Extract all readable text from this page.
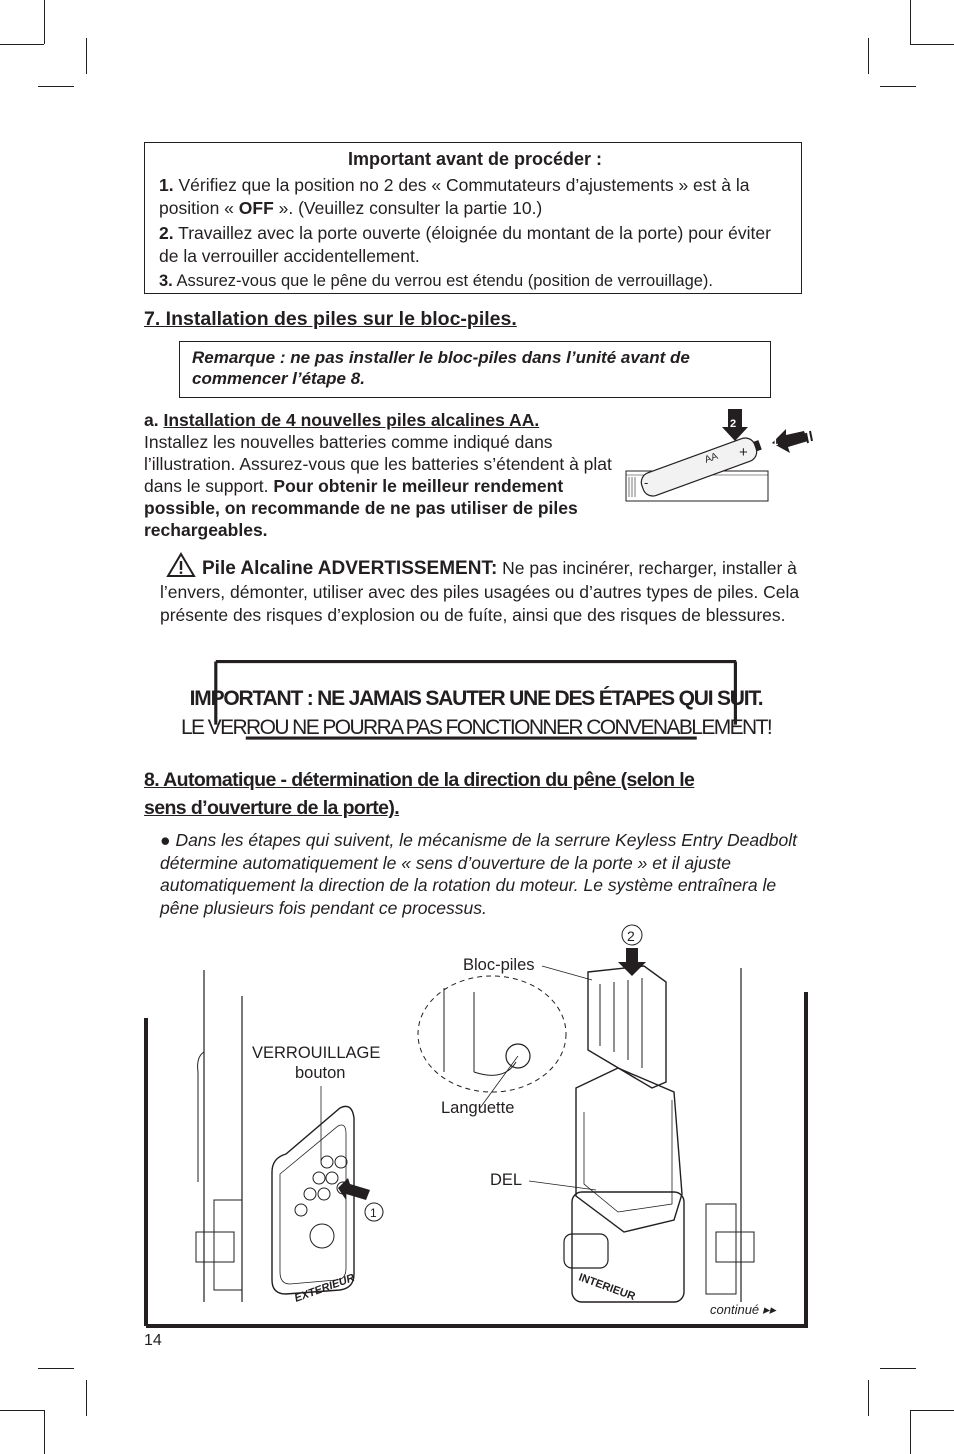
Important avant de procéder :

1. Vérifiez que la position no 2 des « Commutateurs d’ajustements » est à la position « OFF ». (Veuillez consulter la partie 10.)

2. Travaillez avec la porte ouverte (éloignée du montant de la porte) pour éviter de la verrouiller accidentellement.

3. Assurez-vous que le pêne du verrou est étendu (position de verrouillage).

7. Installation des piles sur le bloc-piles.
Remarque : ne pas installer le bloc-piles dans l’unité avant de commencer l’étape 8.
a. Installation de 4 nouvelles piles alcalines AA.
Installez les nouvelles batteries comme indiqué dans l’illustration. Assurez-vous que les batteries s’étendent à plat dans le support. Pour obtenir le meilleur rendement possible, on recommande de ne pas utiliser de piles rechargeables.
AA +
-
2
1
Pile Alcaline ADVERTISSEMENT: Ne pas incinérer, recharger, installer à l’envers, démonter, utiliser avec des piles usagées ou d’autres types de piles. Cela présente des risques d’explosion ou de fuíte, ainsi que des risques de blessures.
IMPORTANT : NE JAMAIS SAUTER UNE DES ÉTAPES QUI SUIT.
LE VERROU NE POURRA PAS FONCTIONNER CONVENABLEMENT!
8. Automatique - détermination de la direction du pêne (selon le
sens d’ouverture de la porte).
● Dans les étapes qui suivent, le mécanisme de la serrure Keyless Entry Deadbolt détermine automatiquement le « sens d’ouverture de la porte » et il ajuste automatiquement la direction de la rotation du moteur. Le système entraînera le pêne plusieurs fois pendant ce processus.
1
2
EXTERIEUR	INTERIEUR
Bloc-piles
VERROUILLAGE
bouton
Languette
DEL
continué ▸▸
14
